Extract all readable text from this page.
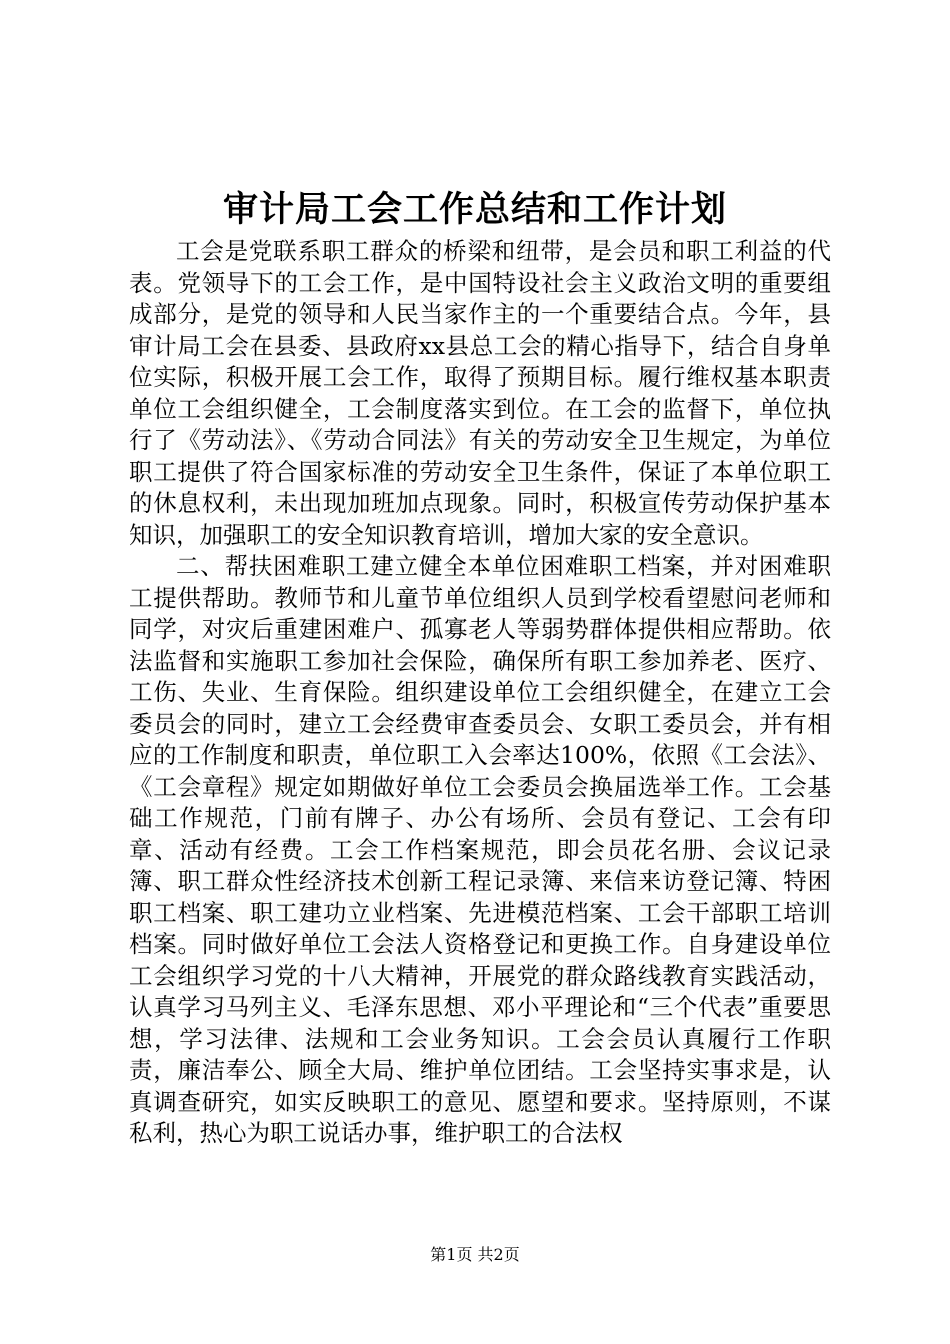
审计局工会工作总结和工作计划

工会是党联系职工群众的桥梁和纽带，是会员和职工利益的代表。党领导下的工会工作，是中国特设社会主义政治文明的重要组成部分，是党的领导和人民当家作主的一个重要结合点。今年，县审计局工会在县委、县政府xx县总工会的精心指导下，结合自身单位实际，积极开展工会工作，取得了预期目标。履行维权基本职责单位工会组织健全，工会制度落实到位。在工会的监督下，单位执行了《劳动法》、《劳动合同法》有关的劳动安全卫生规定，为单位职工提供了符合国家标准的劳动安全卫生条件，保证了本单位职工的休息权利，未出现加班加点现象。同时，积极宣传劳动保护基本知识，加强职工的安全知识教育培训，增加大家的安全意识。

二、帮扶困难职工建立健全本单位困难职工档案，并对困难职工提供帮助。教师节和儿童节单位组织人员到学校看望慰问老师和同学，对灾后重建困难户、孤寡老人等弱势群体提供相应帮助。依法监督和实施职工参加社会保险，确保所有职工参加养老、医疗、工伤、失业、生育保险。组织建设单位工会组织健全，在建立工会委员会的同时，建立工会经费审查委员会、女职工委员会，并有相应的工作制度和职责，单位职工入会率达100%，依照《工会法》、《工会章程》规定如期做好单位工会委员会换届选举工作。工会基础工作规范，门前有牌子、办公有场所、会员有登记、工会有印章、活动有经费。工会工作档案规范，即会员花名册、会议记录簿、职工群众性经济技术创新工程记录簿、来信来访登记簿、特困职工档案、职工建功立业档案、先进模范档案、工会干部职工培训档案。同时做好单位工会法人资格登记和更换工作。自身建设单位工会组织学习党的十八大精神，开展党的群众路线教育实践活动，认真学习马列主义、毛泽东思想、邓小平理论和“三个代表”重要思想，学习法律、法规和工会业务知识。工会会员认真履行工作职责，廉洁奉公、顾全大局、维护单位团结。工会坚持实事求是，认真调查研究，如实反映职工的意见、愿望和要求。坚持原则，不谋私利，热心为职工说话办事，维护职工的合法权

第1页 共2页
